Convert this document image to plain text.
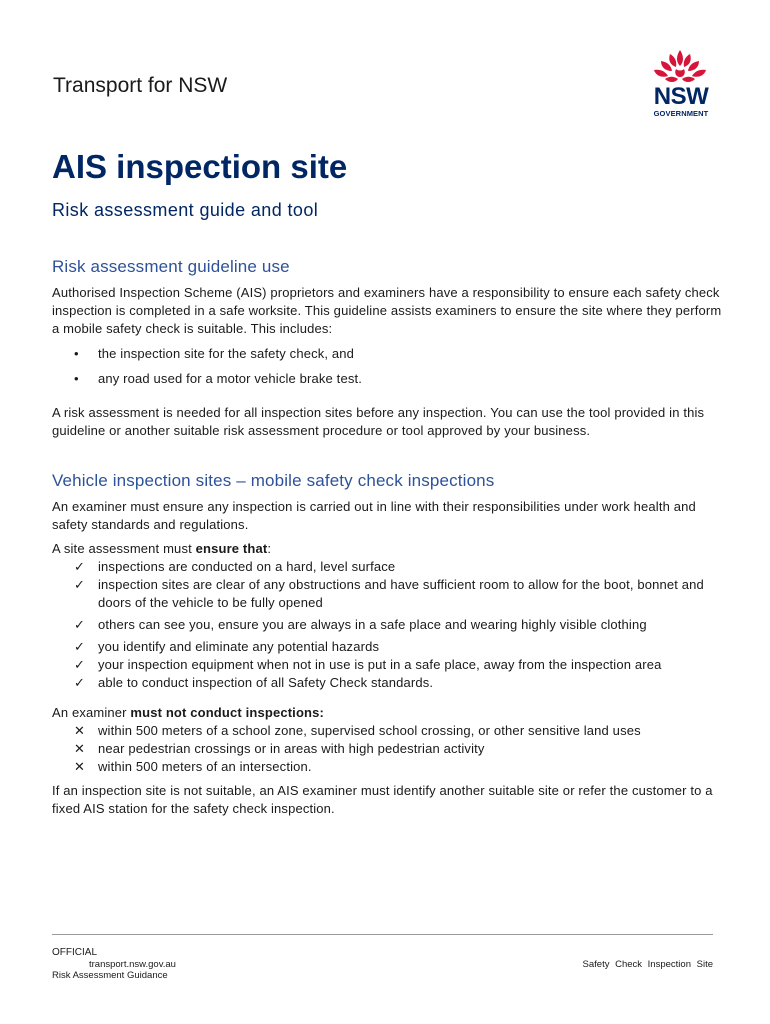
Transport for NSW	NSW
GOVERNMENT
AIS inspection site
Risk assessment guide and tool
Risk assessment guideline use

Authorised Inspection Scheme (AIS) proprietors and examiners have a responsibility to ensure each safety check inspection is completed in a safe worksite. This guideline assists examiners to ensure the site where they perform a mobile safety check is suitable. This includes:

•	the inspection site for the safety check, and
•	any road used for a motor vehicle brake test.

A risk assessment is needed for all inspection sites before any inspection. You can use the tool provided in this guideline or another suitable risk assessment procedure or tool approved by your business.

Vehicle inspection sites – mobile safety check inspections

An examiner must ensure any inspection is carried out in line with their responsibilities under work health and safety standards and regulations.

A site assessment must ensure that:

✓ inspections are conducted on a hard, level surface
✓ inspection sites are clear of any obstructions and have sufficient room to allow for the boot, bonnet and doors of the vehicle to be fully opened
✓ others can see you, ensure you are always in a safe place and wearing highly visible clothing
✓ you identify and eliminate any potential hazards
✓ your inspection equipment when not in use is put in a safe place, away from the inspection area
✓ able to conduct inspection of all Safety Check standards.

An examiner must not conduct inspections:

✕ within 500 meters of a school zone, supervised school crossing, or other sensitive land uses
✕ near pedestrian crossings or in areas with high pedestrian activity
✕ within 500 meters of an intersection.

If an inspection site is not suitable, an AIS examiner must identify another suitable site or refer the customer to a fixed AIS station for the safety check inspection.

OFFICIAL
transport.nsw.gov.au
Risk Assessment Guidance
Safety Check Inspection Site
